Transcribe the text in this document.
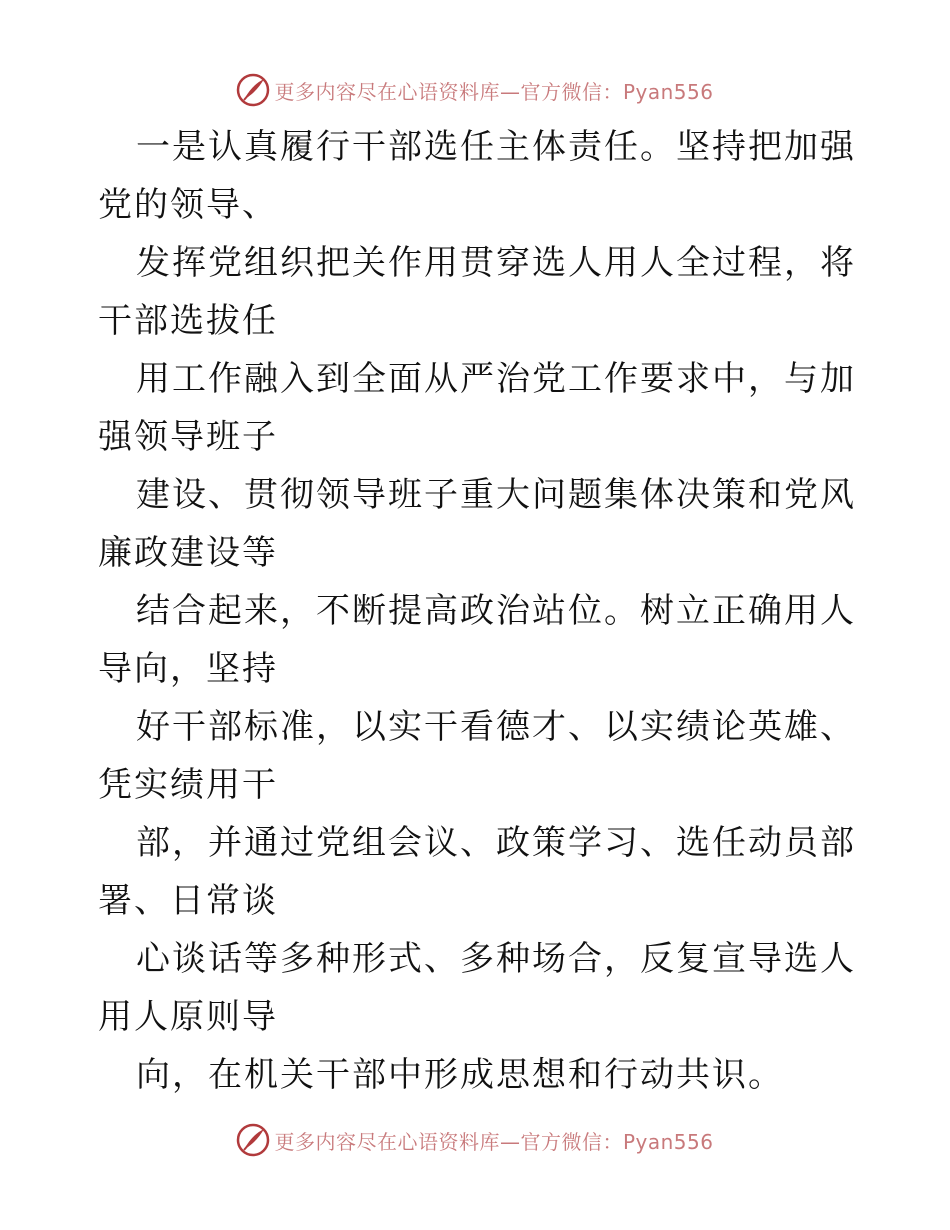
更多内容尽在心语资料库—官方微信：Pyan556

一是认真履行干部选任主体责任。坚持把加强党的领导、

发挥党组织把关作用贯穿选人用人全过程，将干部选拔任

用工作融入到全面从严治党工作要求中，与加强领导班子

建设、贯彻领导班子重大问题集体决策和党风廉政建设等

结合起来，不断提高政治站位。树立正确用人导向，坚持

好干部标准，以实干看德才、以实绩论英雄、凭实绩用干

部，并通过党组会议、政策学习、选任动员部署、日常谈

心谈话等多种形式、多种场合，反复宣导选人用人原则导

向，在机关干部中形成思想和行动共识。

更多内容尽在心语资料库—官方微信：Pyan556
